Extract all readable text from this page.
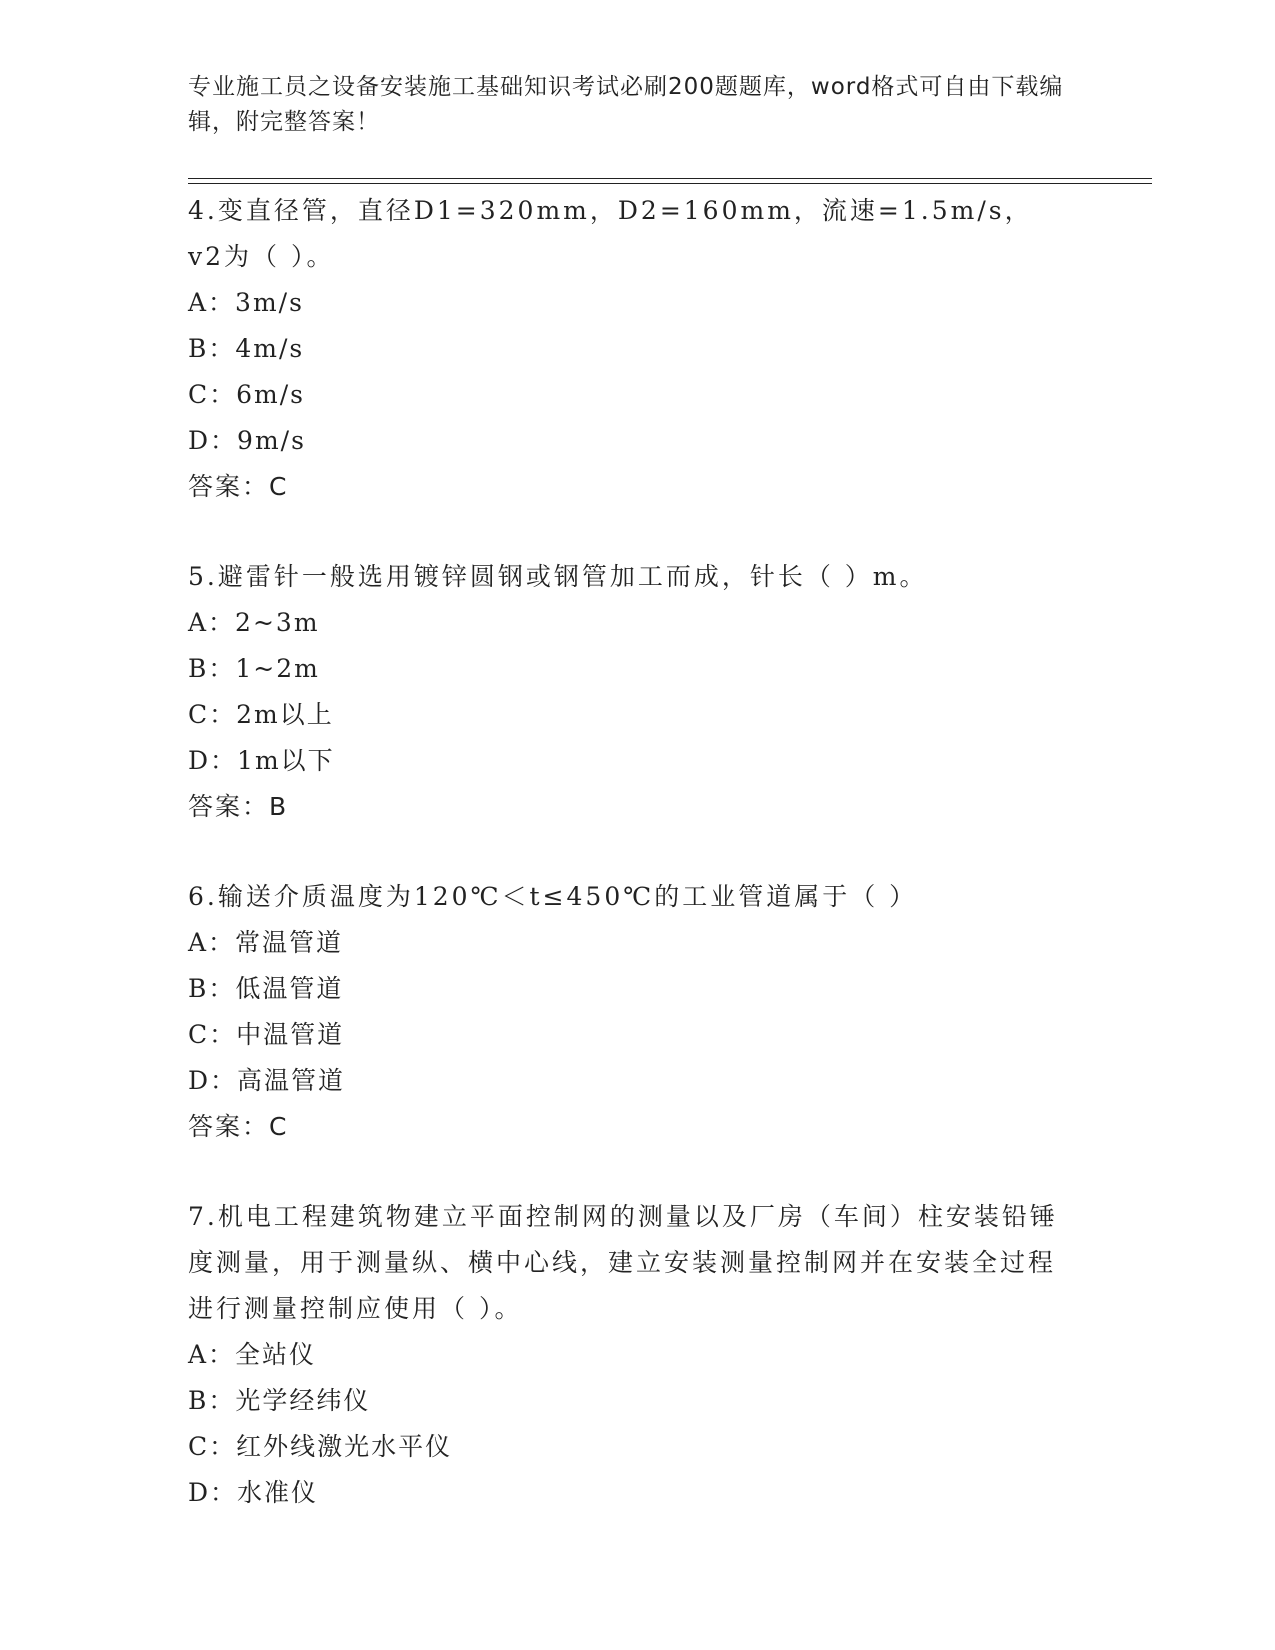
专业施工员之设备安装施工基础知识考试必刷200题题库，word格式可自由下载编辑，附完整答案！
4.变直径管，直径D1=320mm，D2=160mm，流速=1.5m/s，v2为（ ）。
A：3m/s
B：4m/s
C：6m/s
D：9m/s
答案：C
5.避雷针一般选用镀锌圆钢或钢管加工而成，针长（ ）m。
A：2~3m
B：1~2m
C：2m以上
D：1m以下
答案：B
6.输送介质温度为120℃＜t≤450℃的工业管道属于（ ）
A：常温管道
B：低温管道
C：中温管道
D：高温管道
答案：C
7.机电工程建筑物建立平面控制网的测量以及厂房（车间）柱安装铅锤度测量，用于测量纵、横中心线，建立安装测量控制网并在安装全过程进行测量控制应使用（ ）。
A：全站仪
B：光学经纬仪
C：红外线激光水平仪
D：水准仪
